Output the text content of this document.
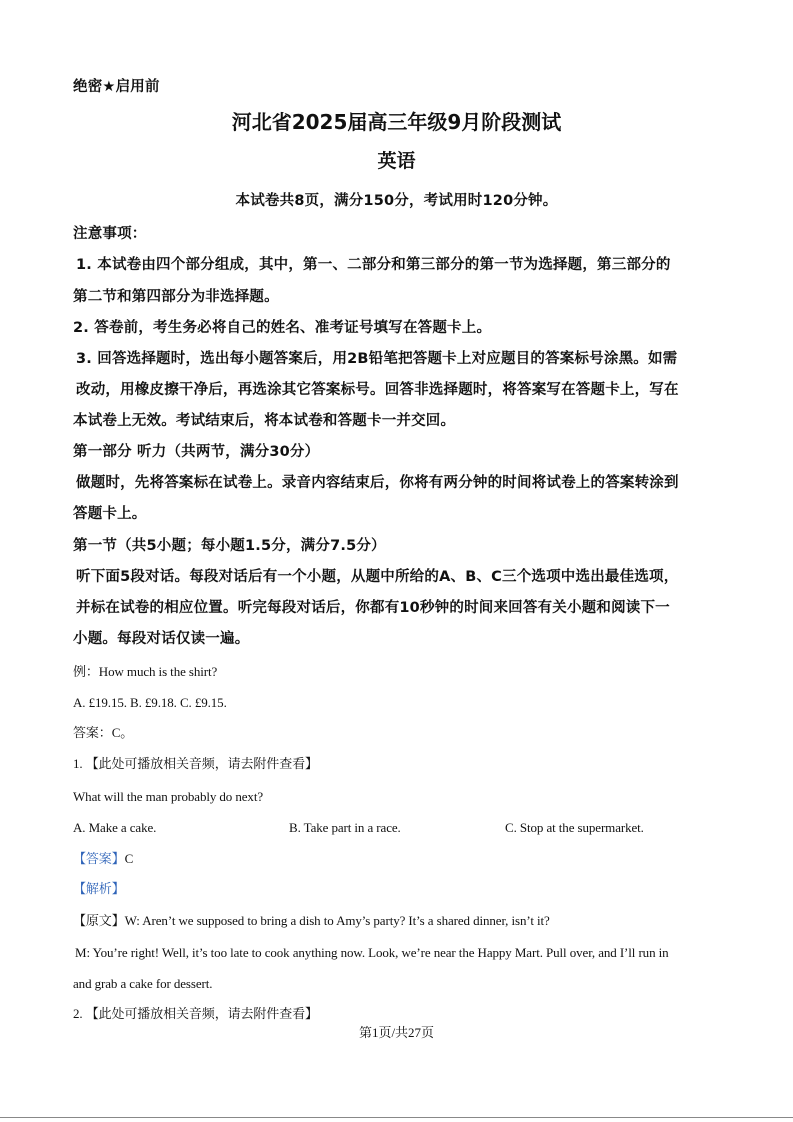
绝密★启用前
河北省2025届高三年级9月阶段测试
英语
本试卷共8页，满分150分，考试用时120分钟。
注意事项：
1. 本试卷由四个部分组成，其中，第一、二部分和第三部分的第一节为选择题，第三部分的
第二节和第四部分为非选择题。
2. 答卷前，考生务必将自己的姓名、准考证号填写在答题卡上。
3. 回答选择题时，选出每小题答案后，用2B铅笔把答题卡上对应题目的答案标号涂黑。如需
改动，用橡皮擦干净后，再选涂其它答案标号。回答非选择题时，将答案写在答题卡上，写在
本试卷上无效。考试结束后，将本试卷和答题卡一并交回。
第一部分 听力（共两节，满分30分）
做题时，先将答案标在试卷上。录音内容结束后，你将有两分钟的时间将试卷上的答案转涂到
答题卡上。
第一节（共5小题；每小题1.5分，满分7.5分）
听下面5段对话。每段对话后有一个小题，从题中所给的A、B、C三个选项中选出最佳选项，
并标在试卷的相应位置。听完每段对话后，你都有10秒钟的时间来回答有关小题和阅读下一
小题。每段对话仅读一遍。
例：How much is the shirt?
A. £19.15. B. £9.18. C. £9.15.
答案：C。
1. 【此处可播放相关音频，请去附件查看】
What will the man probably do next?
A. Make a cake.	B. Take part in a race.	C. Stop at the supermarket.
【答案】C
【解析】
【原文】W: Aren’t we supposed to bring a dish to Amy’s party? It’s a shared dinner, isn’t it?
M: You’re right! Well, it’s too late to cook anything now. Look, we’re near the Happy Mart. Pull over, and I’ll run in
and grab a cake for dessert.
2. 【此处可播放相关音频，请去附件查看】
第1页/共27页
